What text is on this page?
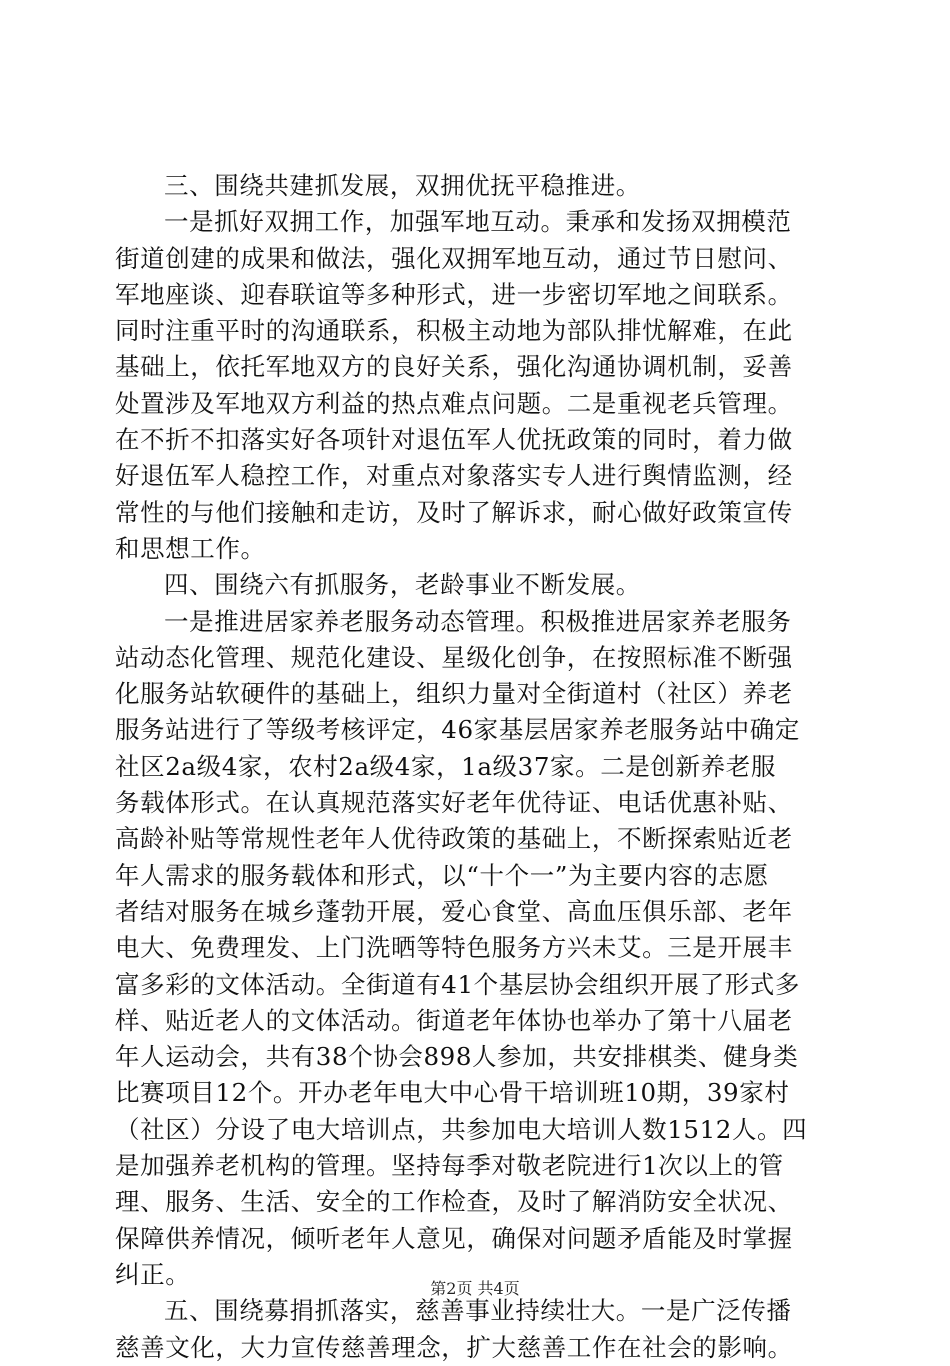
三、围绕共建抓发展，双拥优抚平稳推进。
一是抓好双拥工作，加强军地互动。秉承和发扬双拥模范
街道创建的成果和做法，强化双拥军地互动，通过节日慰问、
军地座谈、迎春联谊等多种形式，进一步密切军地之间联系。
同时注重平时的沟通联系，积极主动地为部队排忧解难，在此
基础上，依托军地双方的良好关系，强化沟通协调机制，妥善
处置涉及军地双方利益的热点难点问题。二是重视老兵管理。
在不折不扣落实好各项针对退伍军人优抚政策的同时，着力做
好退伍军人稳控工作，对重点对象落实专人进行舆情监测，经
常性的与他们接触和走访，及时了解诉求，耐心做好政策宣传
和思想工作。
四、围绕六有抓服务，老龄事业不断发展。
一是推进居家养老服务动态管理。积极推进居家养老服务
站动态化管理、规范化建设、星级化创争，在按照标准不断强
化服务站软硬件的基础上，组织力量对全街道村（社区）养老
服务站进行了等级考核评定，46家基层居家养老服务站中确定
社区2a级4家，农村2a级4家，1a级37家。二是创新养老服
务载体形式。在认真规范落实好老年优待证、电话优惠补贴、
高龄补贴等常规性老年人优待政策的基础上，不断探索贴近老
年人需求的服务载体和形式，以“十个一”为主要内容的志愿
者结对服务在城乡蓬勃开展，爱心食堂、高血压俱乐部、老年
电大、免费理发、上门洗晒等特色服务方兴未艾。三是开展丰
富多彩的文体活动。全街道有41个基层协会组织开展了形式多
样、贴近老人的文体活动。街道老年体协也举办了第十八届老
年人运动会，共有38个协会898人参加，共安排棋类、健身类
比赛项目12个。开办老年电大中心骨干培训班10期，39家村
（社区）分设了电大培训点，共参加电大培训人数1512人。四
是加强养老机构的管理。坚持每季对敬老院进行1次以上的管
理、服务、生活、安全的工作检查，及时了解消防安全状况、
保障供养情况，倾听老年人意见，确保对问题矛盾能及时掌握
纠正。
五、围绕募捐抓落实，慈善事业持续壮大。一是广泛传播
慈善文化，大力宣传慈善理念，扩大慈善工作在社会的影响。
第2页 共4页
